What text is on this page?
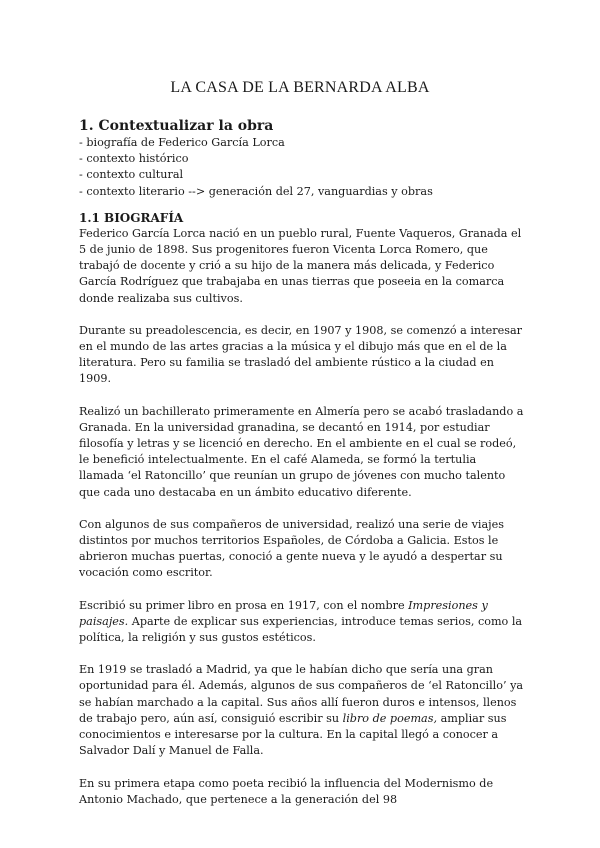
LA CASA DE LA BERNARDA ALBA
1. Contextualizar la obra
- biografía de Federico García Lorca
- contexto histórico
- contexto cultural
- contexto literario --> generación del 27, vanguardias y obras
1.1 BIOGRAFÍA

Federico García Lorca nació en un pueblo rural, Fuente Vaqueros, Granada el 5 de junio de 1898. Sus progenitores fueron Vicenta Lorca Romero, que trabajó de docente y crió a su hijo de la manera más delicada, y Federico García Rodríguez que trabajaba en unas tierras que poseeia en la comarca donde realizaba sus cultivos.

Durante su preadolescencia, es decir, en 1907 y 1908, se comenzó a interesar en el mundo de las artes gracias a la música y el dibujo más que en el de la literatura. Pero su familia se trasladó del ambiente rústico a la ciudad en 1909.

Realizó un bachillerato primeramente en Almería pero se acabó trasladando a Granada. En la universidad granadina, se decantó en 1914, por estudiar filosofía y letras y se licenció en derecho. En el ambiente en el cual se rodeó, le benefició intelectualmente. En el café Alameda, se formó la tertulia llamada ‘el Ratoncillo’ que reunían un grupo de jóvenes con mucho talento que cada uno destacaba en un ámbito educativo diferente.

Con algunos de sus compañeros de universidad, realizó una serie de viajes distintos por muchos territorios Españoles, de Córdoba a Galicia. Estos le abrieron muchas puertas, conoció a gente nueva y le ayudó a despertar su vocación como escritor.

Escribió su primer libro en prosa en 1917, con el nombre Impresiones y paisajes. Aparte de explicar sus experiencias, introduce temas serios, como la política, la religión y sus gustos estéticos.

En 1919 se trasladó a Madrid, ya que le habían dicho que sería una gran oportunidad para él. Además, algunos de sus compañeros de ‘el Ratoncillo’ ya se habían marchado a la capital. Sus años allí fueron duros e intensos, llenos de trabajo pero, aún así, consiguió escribir su libro de poemas, ampliar sus conocimientos e interesarse por la cultura. En la capital llegó a conocer a Salvador Dalí y Manuel de Falla.

En su primera etapa como poeta recibió la influencia del Modernismo de Antonio Machado, que pertenece a la generación del 98
